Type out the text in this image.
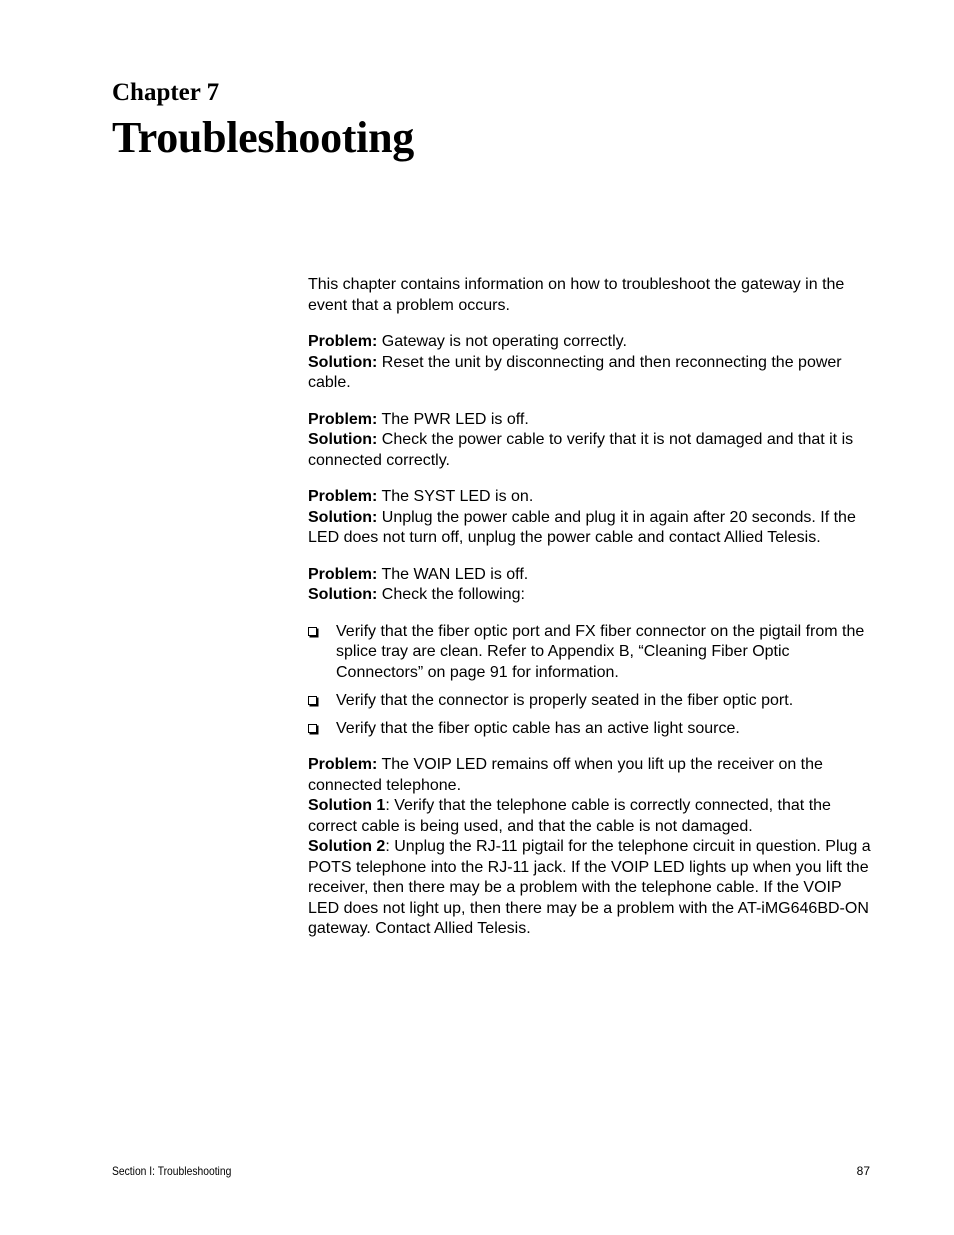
Chapter 7
Troubleshooting

This chapter contains information on how to troubleshoot the gateway in the event that a problem occurs.

Problem: Gateway is not operating correctly.
Solution: Reset the unit by disconnecting and then reconnecting the power cable.

Problem: The PWR LED is off.
Solution: Check the power cable to verify that it is not damaged and that it is connected correctly.

Problem: The SYST LED is on.
Solution: Unplug the power cable and plug it in again after 20 seconds. If the LED does not turn off, unplug the power cable and contact Allied Telesis.

Problem: The WAN LED is off.
Solution: Check the following:

Verify that the fiber optic port and FX fiber connector on the pigtail from the splice tray are clean. Refer to Appendix B, “Cleaning Fiber Optic Connectors” on page 91 for information.
Verify that the connector is properly seated in the fiber optic port.
Verify that the fiber optic cable has an active light source.

Problem: The VOIP LED remains off when you lift up the receiver on the connected telephone.
Solution 1: Verify that the telephone cable is correctly connected, that the correct cable is being used, and that the cable is not damaged.
Solution 2: Unplug the RJ-11 pigtail for the telephone circuit in question. Plug a POTS telephone into the RJ-11 jack. If the VOIP LED lights up when you lift the receiver, then there may be a problem with the telephone cable. If the VOIP LED does not light up, then there may be a problem with the AT-iMG646BD-ON gateway. Contact Allied Telesis.

Section I: Troubleshooting	87
